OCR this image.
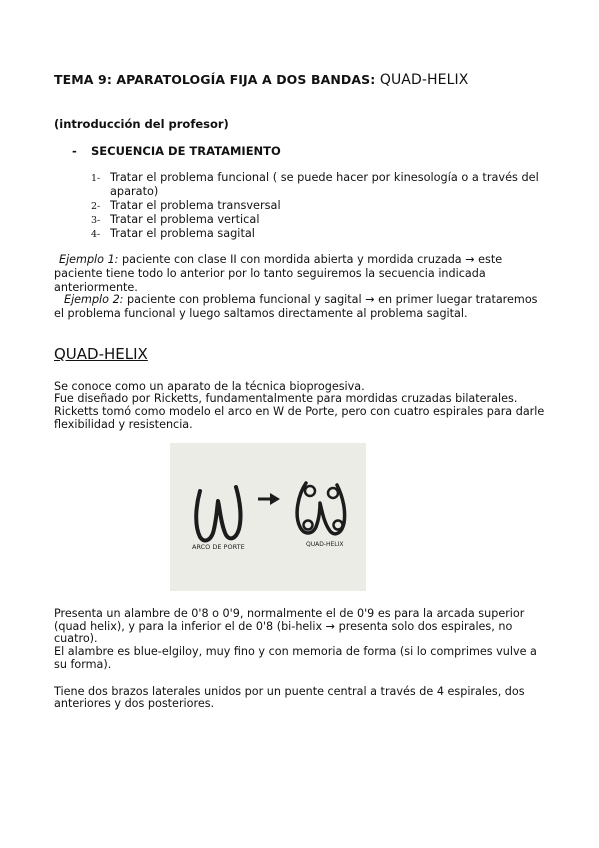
TEMA 9: APARATOLOGÍA FIJA A DOS BANDAS: QUAD-HELIX
(introducción del profesor)
- SECUENCIA DE TRATAMIENTO
1- Tratar el problema funcional ( se puede hacer por kinesología o a través del
aparato)
2- Tratar el problema transversal
3- Tratar el problema vertical
4- Tratar el problema sagital
Ejemplo 1: paciente con clase II con mordida abierta y mordida cruzada → este
paciente tiene todo lo anterior por lo tanto seguiremos la secuencia indicada
anteriormente.
Ejemplo 2: paciente con problema funcional y sagital → en primer luegar trataremos
el problema funcional y luego saltamos directamente al problema sagital.
QUAD-HELIX
Se conoce como un aparato de la técnica bioprogesiva.
Fue diseñado por Ricketts, fundamentalmente para mordidas cruzadas bilaterales.
Ricketts tomó como modelo el arco en W de Porte, pero con cuatro espirales para darle
flexibilidad y resistencia.
ARCO DE PORTE	QUAD-HELIX
Presenta un alambre de 0'8 o 0'9, normalmente el de 0'9 es para la arcada superior
(quad helix), y para la inferior el de 0'8 (bi-helix → presenta solo dos espirales, no
cuatro).
El alambre es blue-elgiloy, muy fino y con memoria de forma (si lo comprimes vulve a
su forma).
Tiene dos brazos laterales unidos por un puente central a través de 4 espirales, dos
anteriores y dos posteriores.
